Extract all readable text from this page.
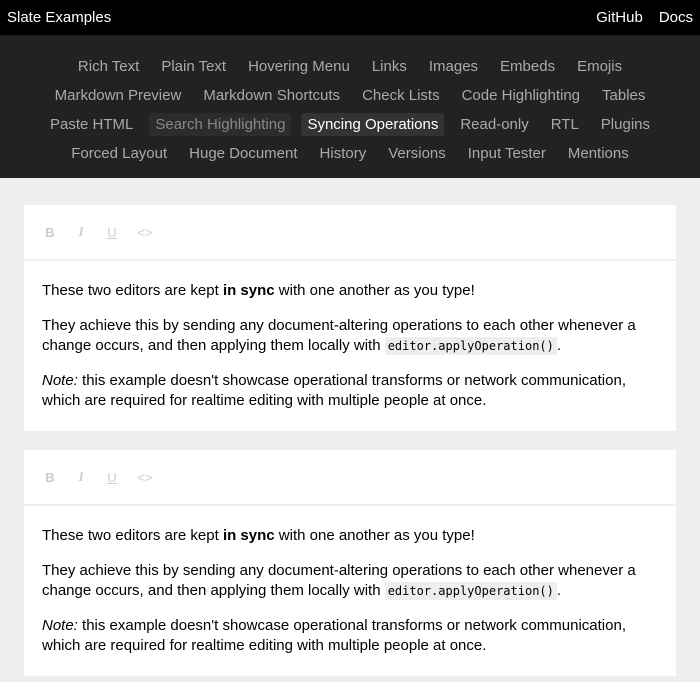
Slate Examples	GitHub Docs
Rich Text	Plain Text	Hovering Menu	Links	Images	Embeds	Emojis
Markdown Preview	Markdown Shortcuts	Check Lists	Code Highlighting	Tables
Paste HTML	Search Highlighting	Syncing Operations	Read-only	RTL	Plugins
Forced Layout	Huge Document	History	Versions	Input Tester	Mentions
B I U <>

These two editors are kept in sync with one another as you type!

They achieve this by sending any document-altering operations to each other whenever a change occurs, and then applying them locally with editor.applyOperation() .

Note: this example doesn't showcase operational transforms or network communication, which are required for realtime editing with multiple people at once.

B I U <>

These two editors are kept in sync with one another as you type!

They achieve this by sending any document-altering operations to each other whenever a change occurs, and then applying them locally with editor.applyOperation() .

Note: this example doesn't showcase operational transforms or network communication, which are required for realtime editing with multiple people at once.
